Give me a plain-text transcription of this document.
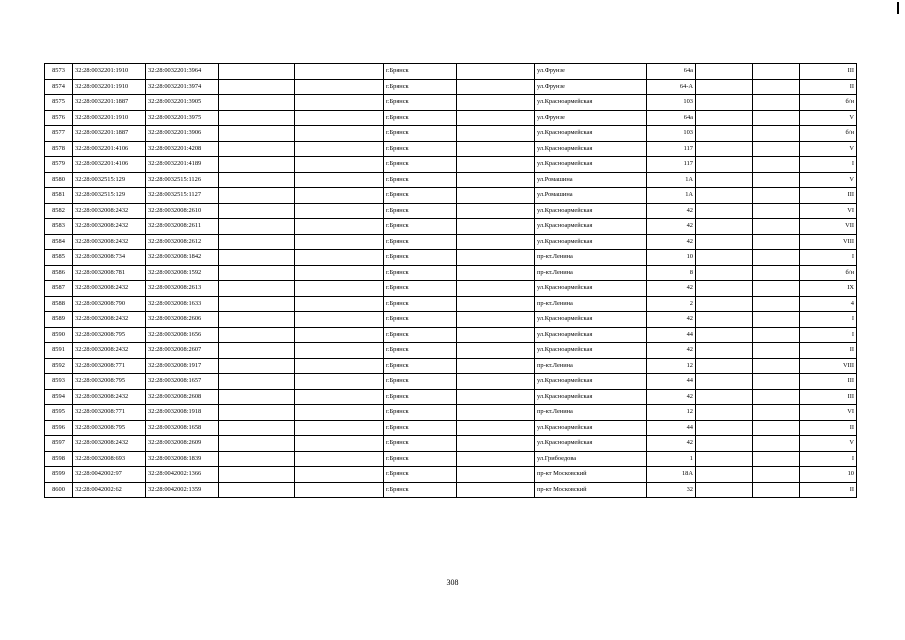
8573	32:28:0032201:1910	32:28:0032201:3964			г.Брянск		ул.Фрунзе	64а			III
8574	32:28:0032201:1910	32:28:0032201:3974			г.Брянск		ул.Фрунзе	64-А			II
8575	32:28:0032201:1887	32:28:0032201:3905			г.Брянск		ул.Красноармейская	103			б/н
8576	32:28:0032201:1910	32:28:0032201:3975			г.Брянск		ул.Фрунзе	64а			V
8577	32:28:0032201:1887	32:28:0032201:3906			г.Брянск		ул.Красноармейская	103			б/н
8578	32:28:0032201:4106	32:28:0032201:4208			г.Брянск		ул.Красноармейская	117			V
8579	32:28:0032201:4106	32:28:0032201:4189			г.Брянск		ул.Красноармейская	117			I
8580	32:28:0032515:129	32:28:0032515:1126			г.Брянск		ул.Ромашина	1А			V
8581	32:28:0032515:129	32:28:0032515:1127			г.Брянск		ул.Ромашина	1А			III
8582	32:28:0032008:2432	32:28:0032008:2610			г.Брянск		ул.Красноармейская	42			VI
8583	32:28:0032008:2432	32:28:0032008:2611			г.Брянск		ул.Красноармейская	42			VII
8584	32:28:0032008:2432	32:28:0032008:2612			г.Брянск		ул.Красноармейская	42			VIII
8585	32:28:0032008:734	32:28:0032008:1842			г.Брянск		пр-кт.Ленина	10			I
8586	32:28:0032008:781	32:28:0032008:1592			г.Брянск		пр-кт.Ленина	8			б/н
8587	32:28:0032008:2432	32:28:0032008:2613			г.Брянск		ул.Красноармейская	42			IX
8588	32:28:0032008:790	32:28:0032008:1633			г.Брянск		пр-кт.Ленина	2			4
8589	32:28:0032008:2432	32:28:0032008:2606			г.Брянск		ул.Красноармейская	42			I
8590	32:28:0032008:795	32:28:0032008:1656			г.Брянск		ул.Красноармейская	44			I
8591	32:28:0032008:2432	32:28:0032008:2607			г.Брянск		ул.Красноармейская	42			II
8592	32:28:0032008:771	32:28:0032008:1917			г.Брянск		пр-кт.Ленина	12			VIII
8593	32:28:0032008:795	32:28:0032008:1657			г.Брянск		ул.Красноармейская	44			III
8594	32:28:0032008:2432	32:28:0032008:2608			г.Брянск		ул.Красноармейская	42			III
8595	32:28:0032008:771	32:28:0032008:1918			г.Брянск		пр-кт.Ленина	12			VI
8596	32:28:0032008:795	32:28:0032008:1658			г.Брянск		ул.Красноармейская	44			II
8597	32:28:0032008:2432	32:28:0032008:2609			г.Брянск		ул.Красноармейская	42			V
8598	32:28:0032008:693	32:28:0032008:1839			г.Брянск		ул.Грибоедова	1			I
8599	32:28:0042002:97	32:28:0042002:1366			г.Брянск		пр-кт Московский	18А			10
8600	32:28:0042002:62	32:28:0042002:1359			г.Брянск		пр-кт Московский	32			II
308
